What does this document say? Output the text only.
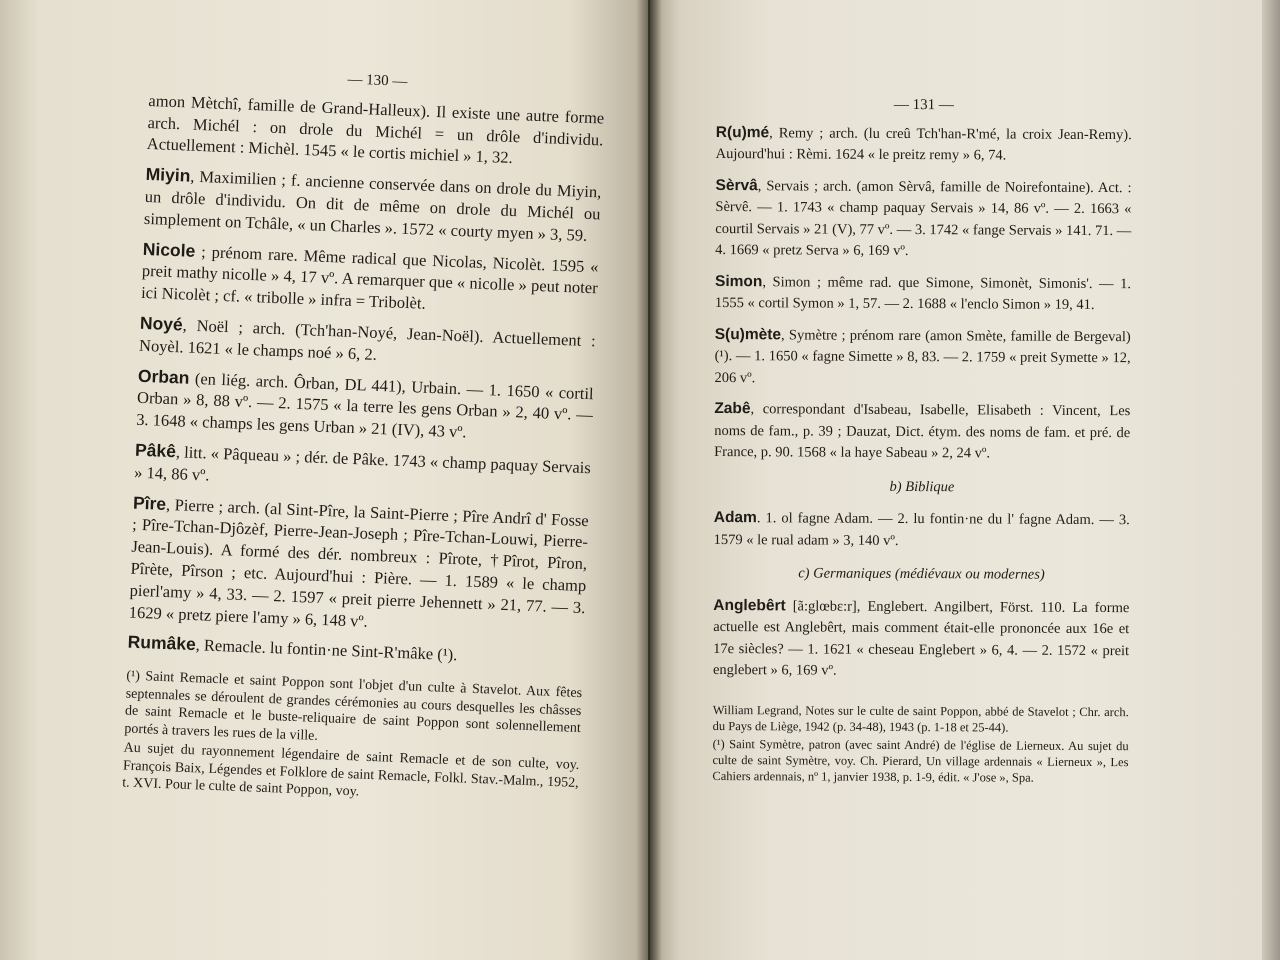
— 130 —

amon Mètchî, famille de Grand-Halleux). Il existe une autre forme arch. Michél : on drole du Michél = un drôle d'individu. Actuellement : Michèl. 1545 « le cortis michiel » 1, 32.

Miyin, Maximilien ; f. ancienne conservée dans on drole du Miyin, un drôle d'individu. On dit de même on drole du Michél ou simplement on Tchâle, « un Charles ». 1572 « courty myen » 3, 59.

Nicole ; prénom rare. Même radical que Nicolas, Nicolèt. 1595 « preit mathy nicolle » 4, 17 vº. A remarquer que « nicolle » peut noter ici Nicolèt ; cf. « tribolle » infra = Tribolèt.

Noyé, Noël ; arch. (Tch'han-Noyé, Jean-Noël). Actuellement : Noyèl. 1621 « le champs noé » 6, 2.

Orban (en liég. arch. Ôrban, DL 441), Urbain. — 1. 1650 « cortil Orban » 8, 88 vº. — 2. 1575 « la terre les gens Orban » 2, 40 vº. — 3. 1648 « champs les gens Urban » 21 (IV), 43 vº.

Pâkê, litt. « Pâqueau » ; dér. de Pâke. 1743 « champ paquay Servais » 14, 86 vº.

Pîre, Pierre ; arch. (al Sint-Pîre, la Saint-Pierre ; Pîre Andrî d' Fosse ; Pîre-Tchan-Djôzèf, Pierre-Jean-Joseph ; Pîre-Tchan-Louwi, Pierre-Jean-Louis). A formé des dér. nombreux : Pîrote, †Pîrot, Pîron, Pîrète, Pîrson ; etc. Aujourd'hui : Pière. — 1. 1589 « le champ pierl'amy » 4, 33. — 2. 1597 « preit pierre Jehennett » 21, 77. — 3. 1629 « pretz piere l'amy » 6, 148 vº.

Rumâke, Remacle. lu fontin·ne Sint-R'mâke (¹).

(¹) Saint Remacle et saint Poppon sont l'objet d'un culte à Stavelot. Aux fêtes septennales se déroulent de grandes cérémonies au cours desquelles les châsses de saint Remacle et le buste-reliquaire de saint Poppon sont solennellement portés à travers les rues de la ville.

Au sujet du rayonnement légendaire de saint Remacle et de son culte, voy. François Baix, Légendes et Folklore de saint Remacle, Folkl. Stav.-Malm., 1952, t. XVI. Pour le culte de saint Poppon, voy.

— 131 —

R(u)mé, Remy ; arch. (lu creû Tch'han-R'mé, la croix Jean-Remy). Aujourd'hui : Rèmi. 1624 « le preitz remy » 6, 74.

Sèrvâ, Servais ; arch. (amon Sèrvâ, famille de Noirefontaine). Act. : Sèrvê. — 1. 1743 « champ paquay Servais » 14, 86 vº. — 2. 1663 « courtil Servais » 21 (V), 77 vº. — 3. 1742 « fange Servais » 141. 71. — 4. 1669 « pretz Serva » 6, 169 vº.

Simon, Simon ; même rad. que Simone, Simonèt, Simonis'. — 1. 1555 « cortil Symon » 1, 57. — 2. 1688 « l'enclo Simon » 19, 41.

S(u)mète, Symètre ; prénom rare (amon Smète, famille de Bergeval) (¹). — 1. 1650 « fagne Simette » 8, 83. — 2. 1759 « preit Symette » 12, 206 vº.

Zabê, correspondant d'Isabeau, Isabelle, Elisabeth : Vincent, Les noms de fam., p. 39 ; Dauzat, Dict. étym. des noms de fam. et pré. de France, p. 90. 1568 « la haye Sabeau » 2, 24 vº.

b) Biblique

Adam. 1. ol fagne Adam. — 2. lu fontin·ne du l' fagne Adam. — 3. 1579 « le rual adam » 3, 140 vº.

c) Germaniques (médiévaux ou modernes)

Anglebêrt [ã:glœbɛ:r], Englebert. Angilbert, Först. 110. La forme actuelle est Anglebêrt, mais comment était-elle prononcée aux 16e et 17e siècles? — 1. 1621 « cheseau Englebert » 6, 4. — 2. 1572 « preit englebert » 6, 169 vº.

William Legrand, Notes sur le culte de saint Poppon, abbé de Stavelot ; Chr. arch. du Pays de Liège, 1942 (p. 34-48), 1943 (p. 1-18 et 25-44).

(¹) Saint Symètre, patron (avec saint André) de l'église de Lierneux. Au sujet du culte de saint Symètre, voy. Ch. Pierard, Un village ardennais « Lierneux », Les Cahiers ardennais, nº 1, janvier 1938, p. 1-9, édit. « J'ose », Spa.
